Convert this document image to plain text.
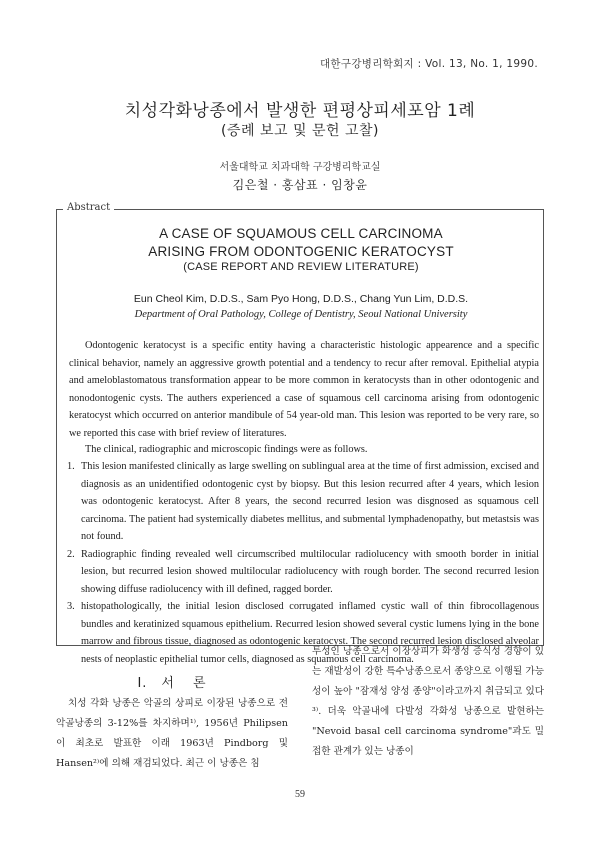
대한구강병리학회지 : Vol. 13, No. 1, 1990.
치성각화낭종에서 발생한 편평상피세포암 1례
(증례 보고 및 문헌 고찰)
서울대학교 치과대학 구강병리학교실
김은철 · 홍삼표 · 임창윤
Abstract
A CASE OF SQUAMOUS CELL CARCINOMA
ARISING FROM ODONTOGENIC KERATOCYST
(CASE REPORT AND REVIEW LITERATURE)
Eun Cheol Kim, D.D.S., Sam Pyo Hong, D.D.S., Chang Yun Lim, D.D.S.
Department of Oral Pathology, College of Dentistry, Seoul National University

Odontogenic keratocyst is a specific entity having a characteristic histologic appearence and a specific clinical behavior, namely an aggressive growth potential and a tendency to recur after removal. Epithelial atypia and ameloblastomatous transformation appear to be more common in keratocysts than in other odontogenic and nonodontogenic cysts. The authers experienced a case of squamous cell carcinoma arising from odontogenic keratocyst which occurred on anterior mandibule of 54 year-old man. This lesion was reported to be very rare, so we reported this case with brief review of literatures.

The clinical, radiographic and microscopic findings were as follows.

1. This lesion manifested clinically as large swelling on sublingual area at the time of first admission, excised and diagnosis as an unidentified odontogenic cyst by biopsy. But this lesion recurred after 4 years, which lesion was odontogenic keratocyst. After 8 years, the second recurred lesion was disgnosed as squamous cell carcinoma. The patient had systemically diabetes mellitus, and submental lymphadenopathy, but metastsis was not found.
2. Radiographic finding revealed well circumscribed multilocular radiolucency with smooth border in initial lesion, but recurred lesion showed multilocular radiolucency with rough border. The second recurred lesion showing diffuse radiolucency with ill defined, ragged border.
3. histopathologically, the initial lesion disclosed corrugated inflamed cystic wall of thin fibrocollagenous bundles and keratinized squamous epithelium. Recurred lesion showed several cystic lumens lying in the bone marrow and fibrous tissue, diagnosed as odontogenic keratocyst. The second recurred lesion disclosed alveolar nests of neoplastic epithelial tumor cells, diagnosed as squamous cell carcinoma.
Ⅰ. 서 론

치성 각화 낭종은 악골의 상피로 이장된 낭종으로 전 악골낭종의 3-12%를 차지하며¹⁾, 1956년 Philipsen이 최초로 발표한 이래 1963년 Pindborg 및 Hansen²⁾에 의해 재검되었다. 최근 이 낭종은 침

투성인 낭종으로서 이장상피가 화생성 증식성 경향이 있는 재발성이 강한 특수낭종으로서 종양으로 이행될 가능성이 높아 "잠재성 양성 종양"이라고까지 취급되고 있다³⁾. 더욱 악골내에 다발성 각화성 낭종으로 발현하는 "Nevoid basal cell carcinoma syndrome"과도 밀접한 관계가 있는 낭종이

59
